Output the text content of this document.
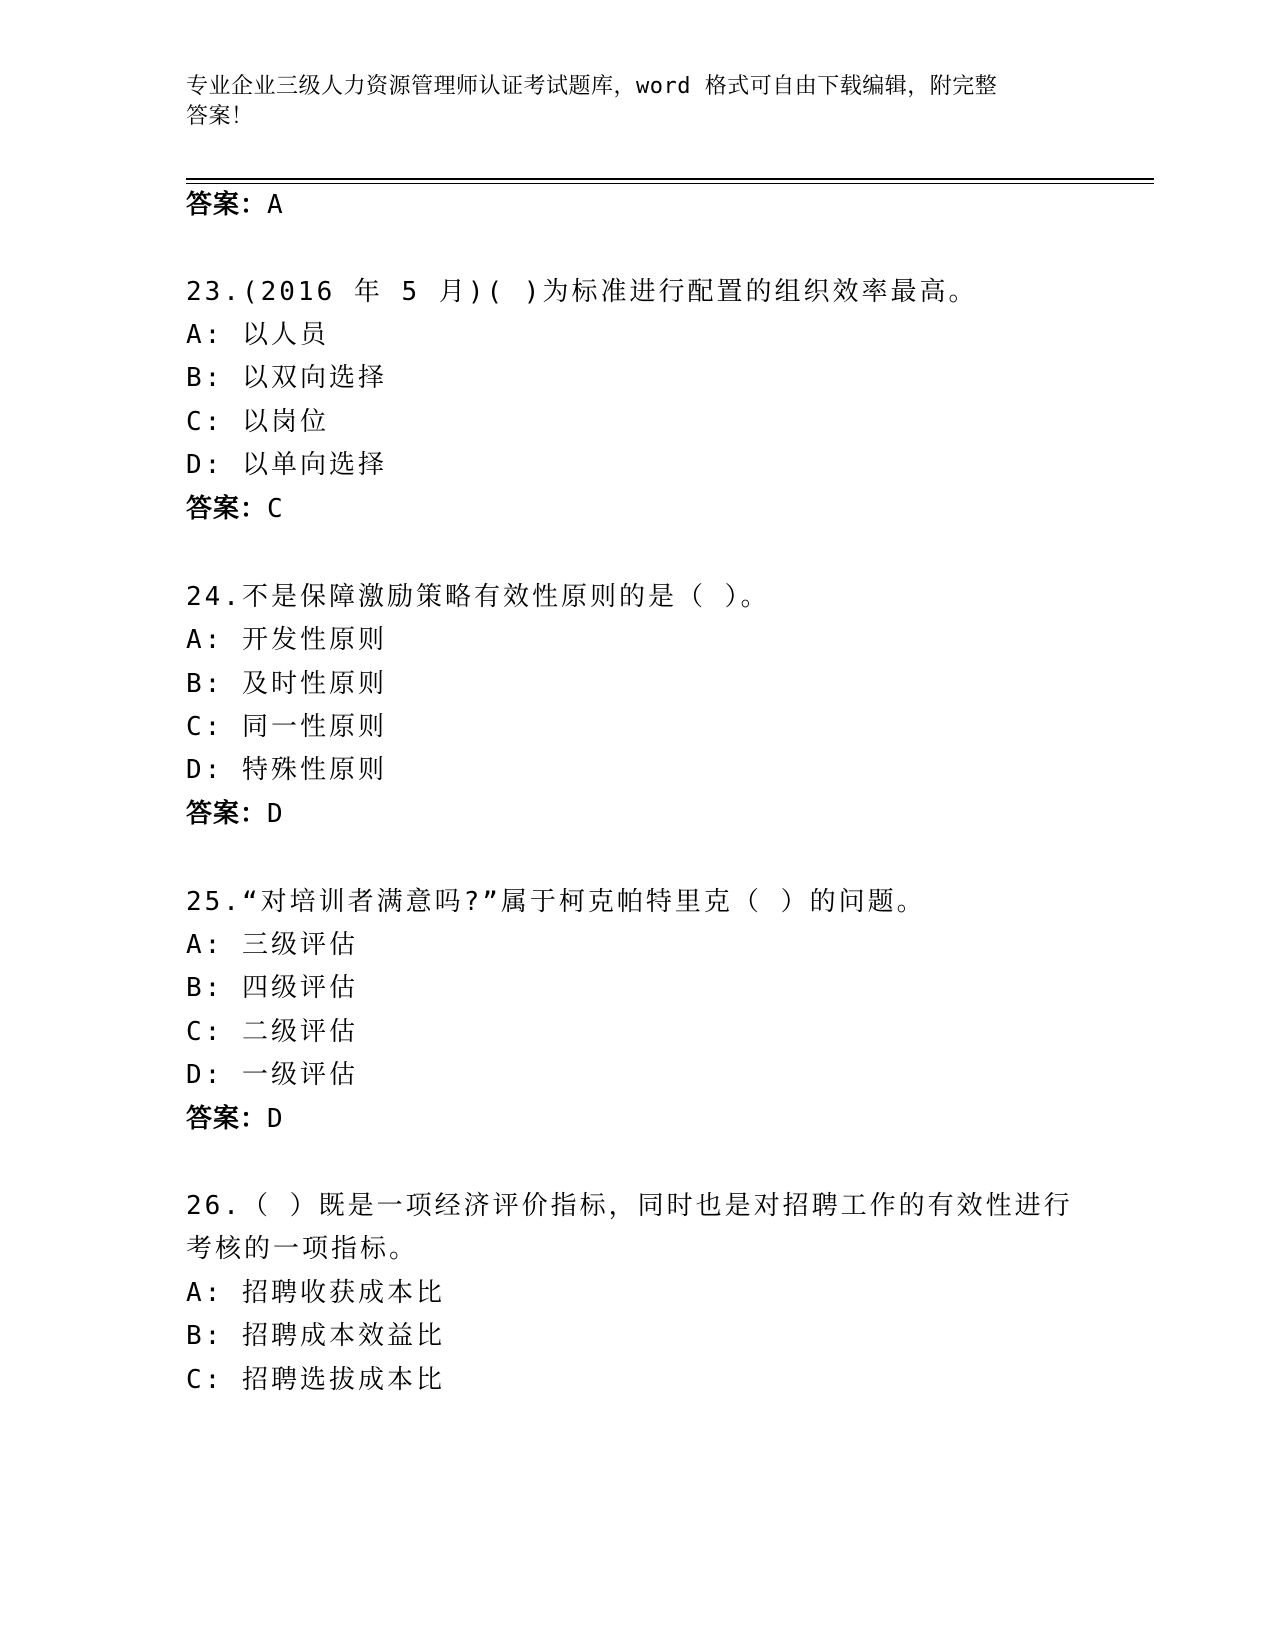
专业企业三级人力资源管理师认证考试题库，word 格式可自由下载编辑，附完整
答案！
答案：A
23.(2016 年 5 月)( )为标准进行配置的组织效率最高。
A: 以人员
B: 以双向选择
C: 以岗位
D: 以单向选择
答案：C
24.不是保障激励策略有效性原则的是（ ）。
A: 开发性原则
B: 及时性原则
C: 同一性原则
D: 特殊性原则
答案：D
25.“对培训者满意吗?”属于柯克帕特里克（ ）的问题。
A: 三级评估
B: 四级评估
C: 二级评估
D: 一级评估
答案：D
26.（ ）既是一项经济评价指标，同时也是对招聘工作的有效性进行
考核的一项指标。
A: 招聘收获成本比
B: 招聘成本效益比
C: 招聘选拔成本比
